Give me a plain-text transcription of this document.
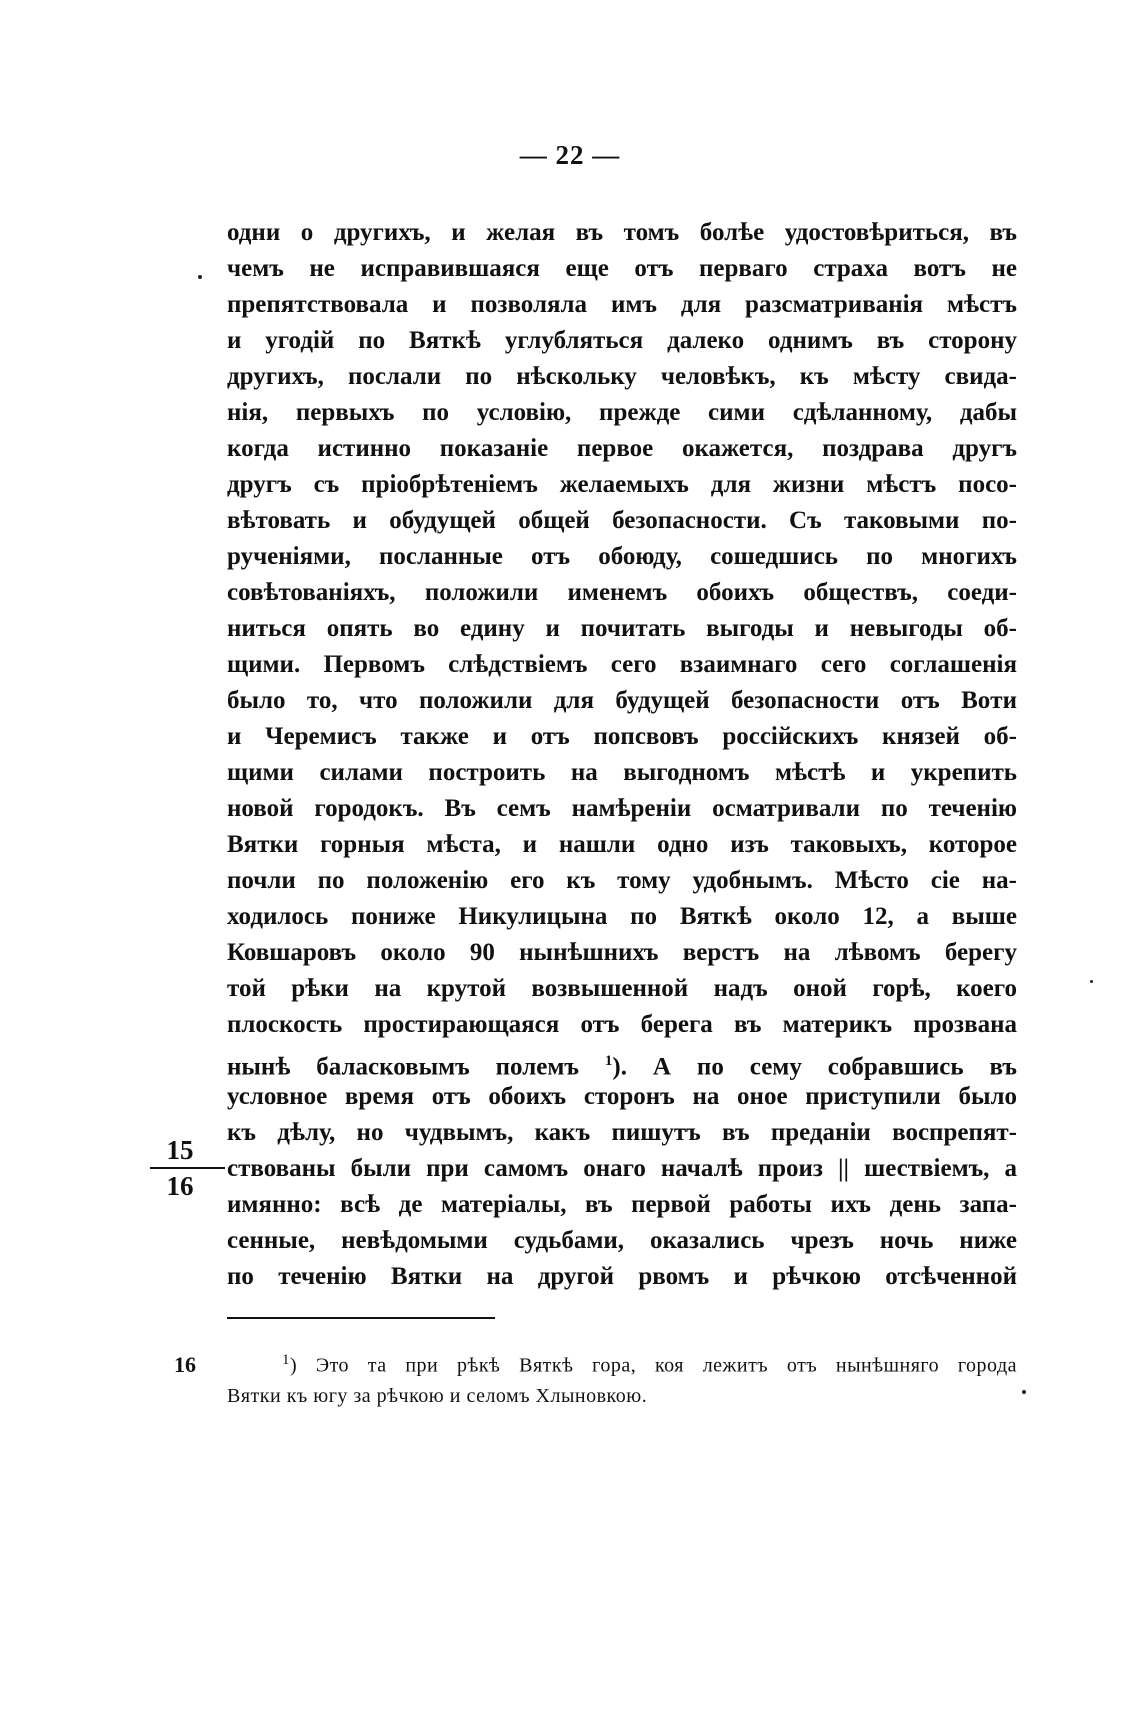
— 22 —
одни о другихъ, и желая въ томъ болѣе удостовѣриться, въ
чемъ не исправившаяся еще отъ перваго страха вотъ не
препятствовала и позволяла имъ для разсматриванія мѣстъ
и угодій по Вяткѣ углубляться далеко однимъ въ сторону
другихъ, послали по нѣскольку человѣкъ, къ мѣсту свида-
нія, первыхъ по условію, прежде сими сдѣланному, дабы
когда истинно показаніе первое окажется, поздрава другъ
другъ съ пріобрѣтеніемъ желаемыхъ для жизни мѣстъ посо-
вѣтовать и обудущей общей безопасности. Съ таковыми по-
рученіями, посланные отъ обоюду, сошедшись по многихъ
совѣтованіяхъ, положили именемъ обоихъ обществъ, соеди-
ниться опять во едину и почитать выгоды и невыгоды об-
щими. Первомъ слѣдствіемъ сего взаимнаго сего соглашенія
было то, что положили для будущей безопасности отъ Вoти
и Черемисъ также и отъ попсвовъ россійскихъ князей об-
щими силами построить на выгодномъ мѣстѣ и укрепить
новой городокъ. Въ семъ намѣреніи осматривали по теченію
Вятки горныя мѣста, и нашли одно изъ таковыхъ, которое
почли по положенію его къ тому удобнымъ. Мѣсто сіе на-
ходилось пониже Никулицына по Вяткѣ около 12, а выше
Ковшаровъ около 90 нынѣшнихъ верстъ на лѣвомъ берегу
той рѣки на крутой возвышенной надъ оной горѣ, коего
плоскость простирающаяся отъ берега въ материкъ прозвана
нынѣ баласковымъ полемъ $^1$). А по сему собравшись въ
условное время отъ обоихъ сторонъ на оное приступили было
къ дѣлу, но чудвымъ, какъ пишутъ въ преданіи воспрепят-
ствованы были при самомъ онаго началѣ произ || шествіемъ, а
имянно: всѣ де матеріалы, въ первой работы ихъ день запа-
сенные, невѣдомыми судьбами, оказались чрезъ ночь ниже
по теченію Вятки на другой рвомъ и рѣчкою отсѣченной
15
16
16	$^1$) Это та при рѣкѣ Вяткѣ гора, коя лежитъ отъ нынѣшняго города
Вятки къ югу за рѣчкою и селомъ Хлыновкою.
